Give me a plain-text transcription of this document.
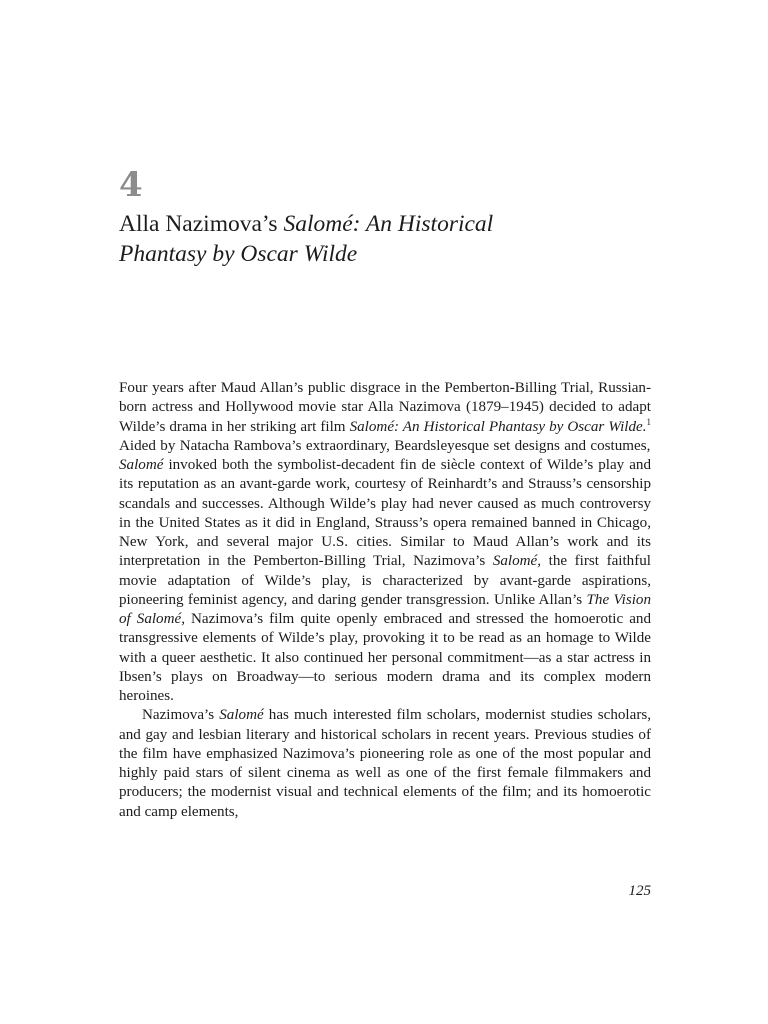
4
Alla Nazimova’s Salomé: An Historical
Phantasy by Oscar Wilde

Four years after Maud Allan’s public disgrace in the Pemberton-Billing Trial, Russian-born actress and Hollywood movie star Alla Nazimova (1879–1945) decided to adapt Wilde’s drama in her striking art film Salomé: An Historical Phantasy by Oscar Wilde.$^1$ Aided by Natacha Rambova’s extraordinary, Beardsleyesque set designs and costumes, Salomé invoked both the symbolist-decadent fin de siècle context of Wilde’s play and its reputation as an avant-garde work, courtesy of Reinhardt’s and Strauss’s censorship scandals and successes. Although Wilde’s play had never caused as much controversy in the United States as it did in England, Strauss’s opera remained banned in Chicago, New York, and several major U.S. cities. Similar to Maud Allan’s work and its interpretation in the Pemberton-Billing Trial, Nazimova’s Salomé, the first faithful movie adaptation of Wilde’s play, is characterized by avant-garde aspirations, pioneering feminist agency, and daring gender transgression. Unlike Allan’s The Vision of Salomé, Nazimova’s film quite openly embraced and stressed the homoerotic and transgressive elements of Wilde’s play, provoking it to be read as an homage to Wilde with a queer aesthetic. It also continued her personal commitment—as a star actress in Ibsen’s plays on Broadway—to serious modern drama and its complex modern heroines.

Nazimova’s Salomé has much interested film scholars, modernist studies scholars, and gay and lesbian literary and historical scholars in recent years. Previous studies of the film have emphasized Nazimova’s pioneering role as one of the most popular and highly paid stars of silent cinema as well as one of the first female filmmakers and producers; the modernist visual and technical elements of the film; and its homoerotic and camp elements,

125
